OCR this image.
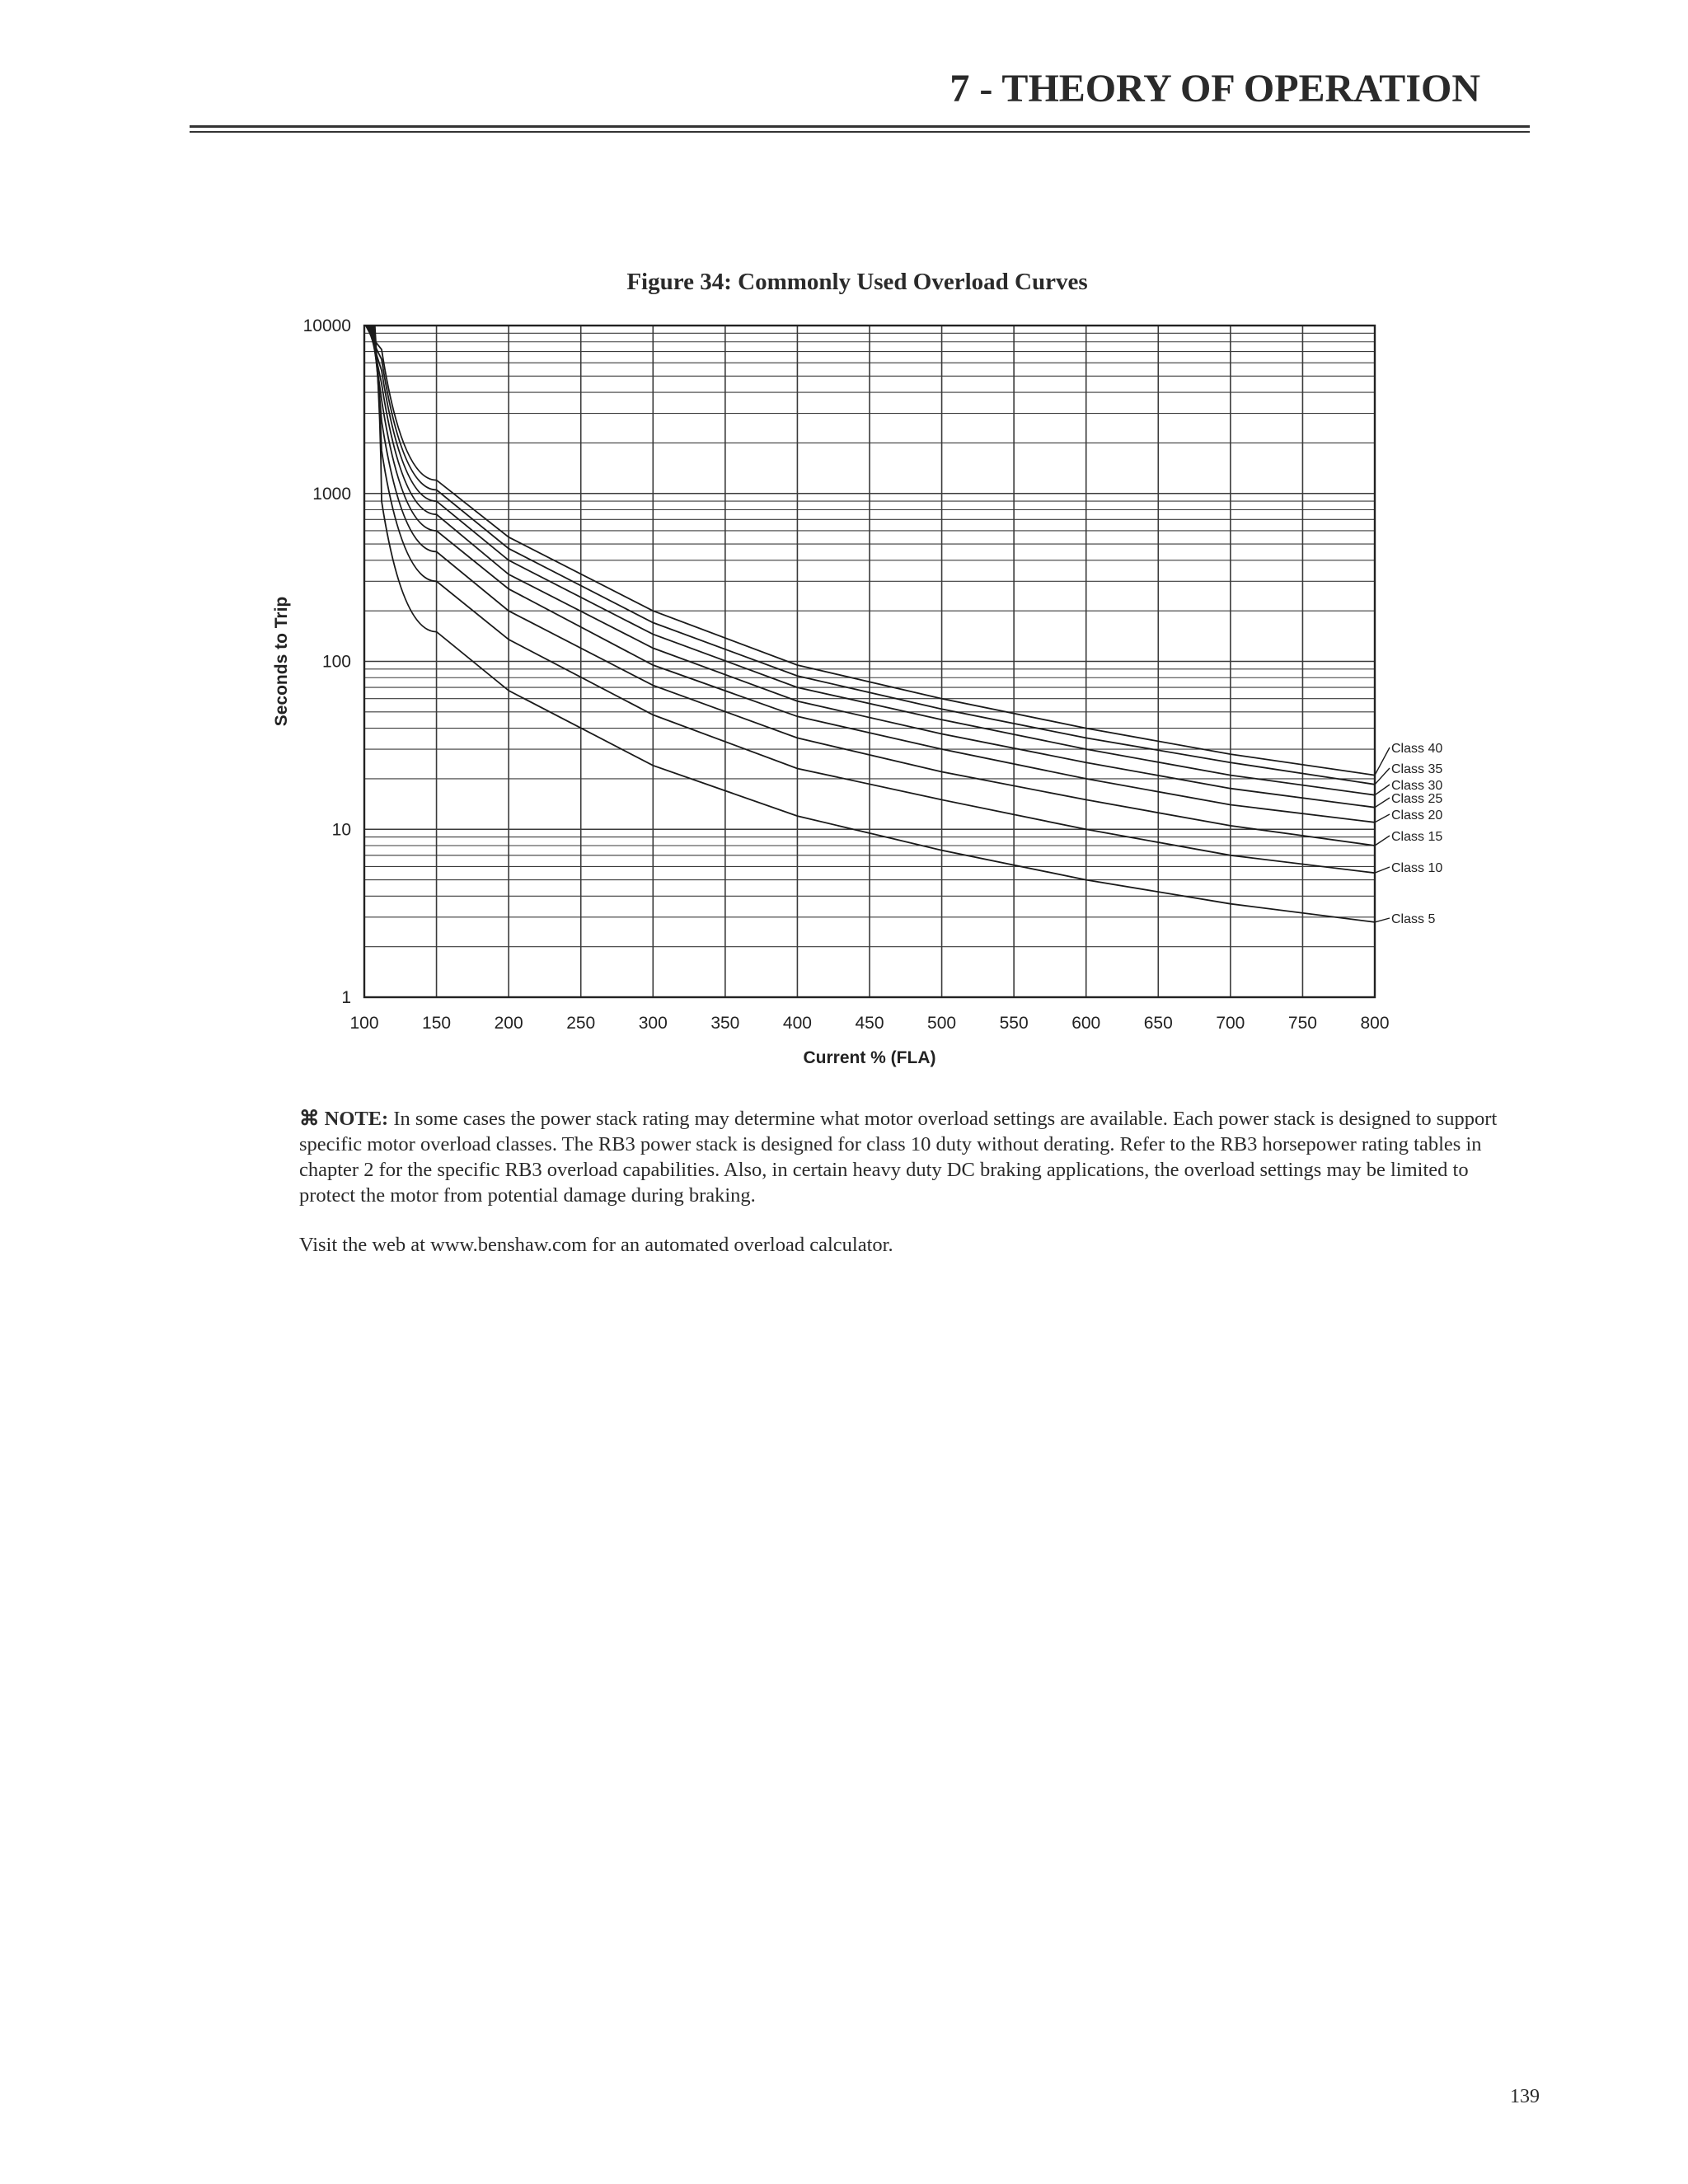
7 - THEORY OF OPERATION
Figure 34: Commonly Used Overload Curves
100	150	200	250	300	350	400	450	500	550	600	650	700	750	800
1
10
100
1000
10000
Current % (FLA)
Seconds to Trip
Class 40
Class 35
Class 30
Class 25
Class 20
Class 15
Class 10
Class 5
⌘ NOTE: In some cases the power stack rating may determine what motor overload settings are available. Each power stack is designed to support specific motor overload classes. The RB3 power stack is designed for class 10 duty without derating. Refer to the RB3 horsepower rating tables in chapter 2 for the specific RB3 overload capabilities. Also, in certain heavy duty DC braking applications, the overload settings may be limited to protect the motor from potential damage during braking.
Visit the web at www.benshaw.com for an automated overload calculator.
139
